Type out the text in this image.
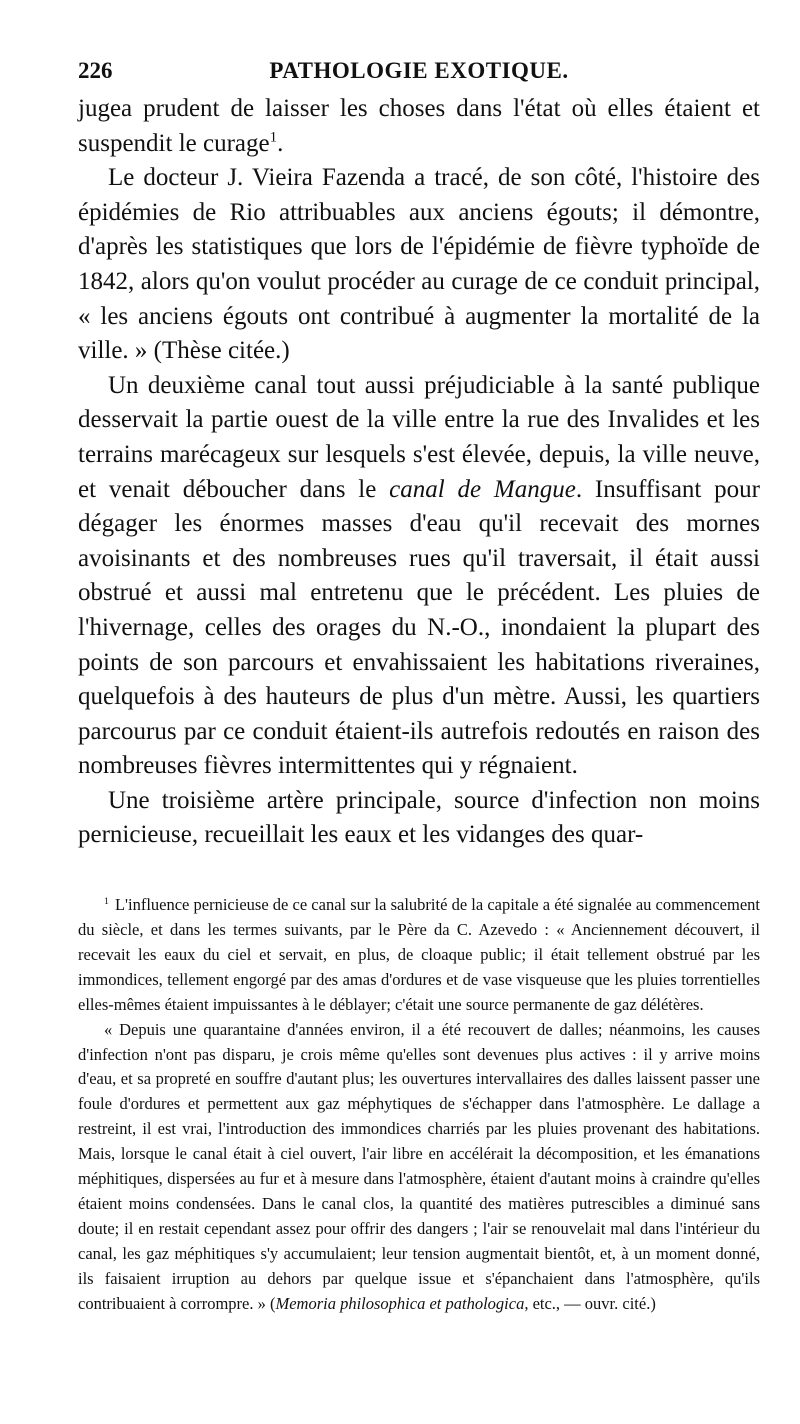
226	PATHOLOGIE EXOTIQUE.

jugea prudent de laisser les choses dans l'état où elles étaient et suspendit le curage$^1$.

Le docteur J. Vieira Fazenda a tracé, de son côté, l'histoire des épidémies de Rio attribuables aux anciens égouts; il démontre, d'après les statistiques que lors de l'épidémie de fièvre typhoïde de 1842, alors qu'on voulut procéder au curage de ce conduit principal, « les anciens égouts ont contribué à augmenter la mortalité de la ville. » (Thèse citée.)

Un deuxième canal tout aussi préjudiciable à la santé publique desservait la partie ouest de la ville entre la rue des Invalides et les terrains marécageux sur lesquels s'est élevée, depuis, la ville neuve, et venait déboucher dans le canal de Mangue. Insuffisant pour dégager les énormes masses d'eau qu'il recevait des mornes avoisinants et des nombreuses rues qu'il traversait, il était aussi obstrué et aussi mal entretenu que le précédent. Les pluies de l'hivernage, celles des orages du N.-O., inondaient la plupart des points de son parcours et envahissaient les habitations riveraines, quelquefois à des hauteurs de plus d'un mètre. Aussi, les quartiers parcourus par ce conduit étaient-ils autrefois redoutés en raison des nombreuses fièvres intermittentes qui y régnaient.

Une troisième artère principale, source d'infection non moins pernicieuse, recueillait les eaux et les vidanges des quar-

$^1$ L'influence pernicieuse de ce canal sur la salubrité de la capitale a été signalée au commencement du siècle, et dans les termes suivants, par le Père da C. Azevedo : « Anciennement découvert, il recevait les eaux du ciel et servait, en plus, de cloaque public; il était tellement obstrué par les immondices, tellement engorgé par des amas d'ordures et de vase visqueuse que les pluies torrentielles elles-mêmes étaient impuissantes à le déblayer; c'était une source permanente de gaz délétères.

« Depuis une quarantaine d'années environ, il a été recouvert de dalles; néanmoins, les causes d'infection n'ont pas disparu, je crois même qu'elles sont devenues plus actives : il y arrive moins d'eau, et sa propreté en souffre d'autant plus; les ouvertures intervallaires des dalles laissent passer une foule d'ordures et permettent aux gaz méphytiques de s'échapper dans l'atmosphère. Le dallage a restreint, il est vrai, l'introduction des immondices charriés par les pluies provenant des habitations. Mais, lorsque le canal était à ciel ouvert, l'air libre en accélérait la décomposition, et les émanations méphitiques, dispersées au fur et à mesure dans l'atmosphère, étaient d'autant moins à craindre qu'elles étaient moins condensées. Dans le canal clos, la quantité des matières putrescibles a diminué sans doute; il en restait cependant assez pour offrir des dangers ; l'air se renouvelait mal dans l'intérieur du canal, les gaz méphitiques s'y accumulaient; leur tension augmentait bientôt, et, à un moment donné, ils faisaient irruption au dehors par quelque issue et s'épanchaient dans l'atmosphère, qu'ils contribuaient à corrompre. » (Memoria philosophica et pathologica, etc., — ouvr. cité.)
